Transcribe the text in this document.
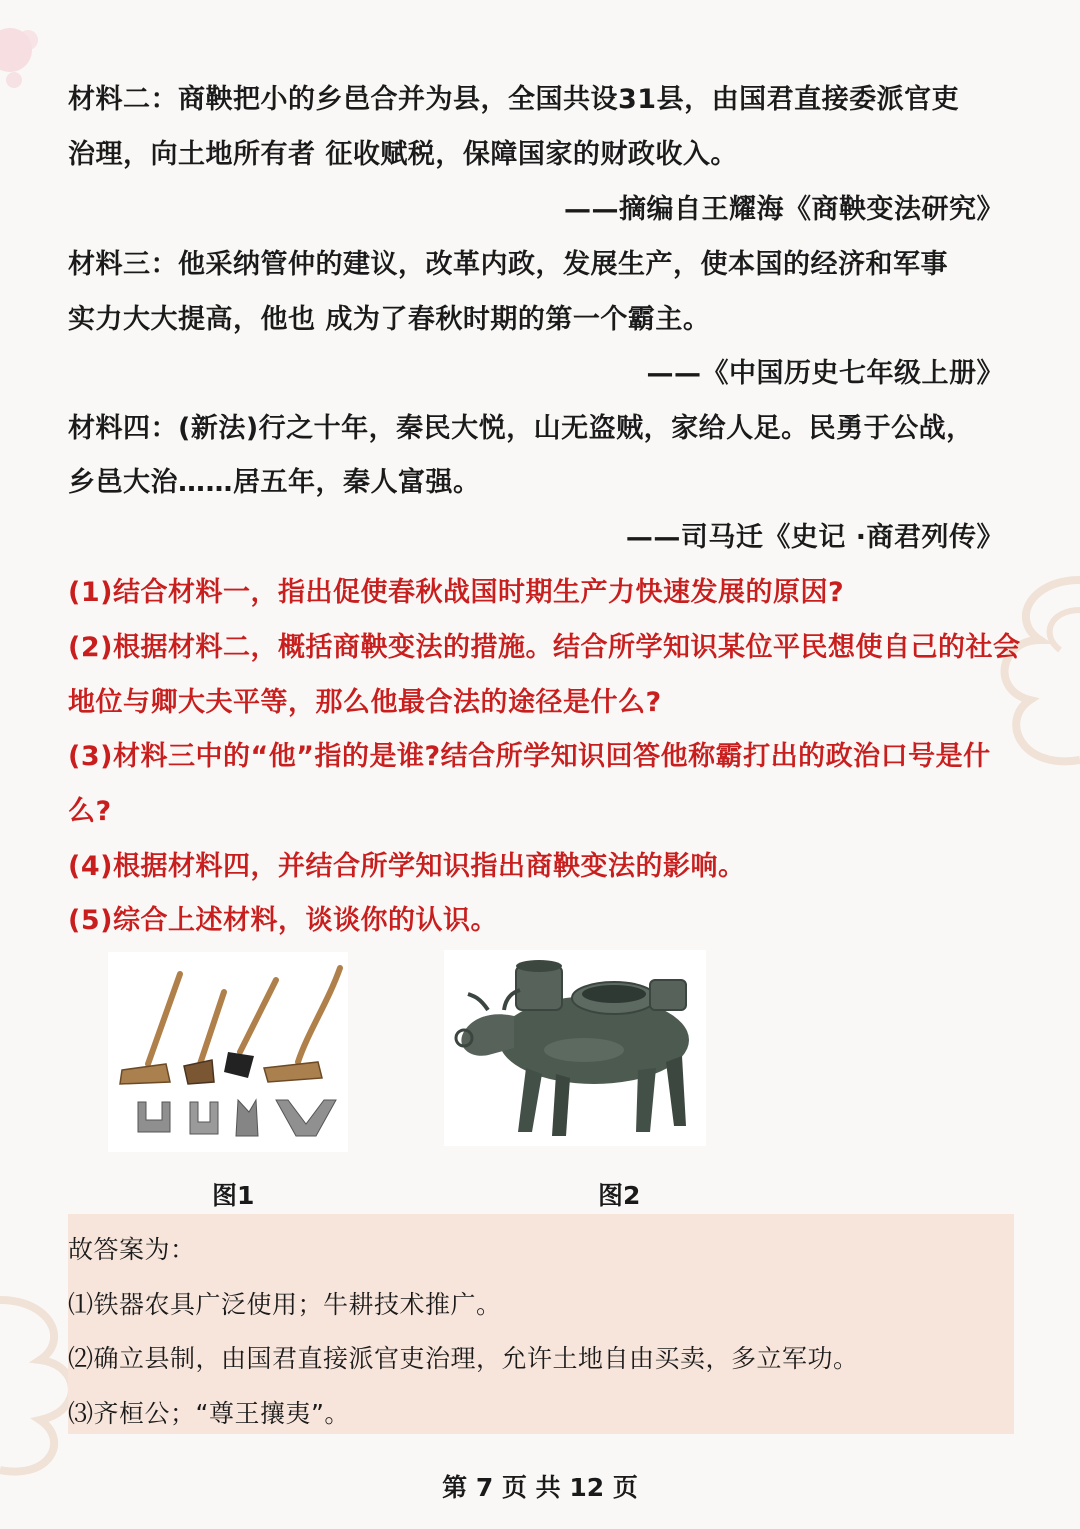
材料二：商鞅把小的乡邑合并为县，全国共设31县，由国君直接委派官吏
治理，向土地所有者 征收赋税，保障国家的财政收入。
——摘编自王耀海《商鞅变法研究》
材料三：他采纳管仲的建议，改革内政，发展生产，使本国的经济和军事
实力大大提高，他也 成为了春秋时期的第一个霸主。
——《中国历史七年级上册》
材料四：(新法)行之十年，秦民大悦，山无盗贼，家给人足。民勇于公战，
乡邑大治……居五年，秦人富强。
——司马迁《史记 ·商君列传》
(1)结合材料一，指出促使春秋战国时期生产力快速发展的原因?
(2)根据材料二，概括商鞅变法的措施。结合所学知识某位平民想使自己的社会
地位与卿大夫平等，那么他最合法的途径是什么?
(3)材料三中的“他”指的是谁?结合所学知识回答他称霸打出的政治口号是什
么?
(4)根据材料四，并结合所学知识指出商鞅变法的影响。
(5)综合上述材料，谈谈你的认识。
图1	图2
故答案为：
⑴铁器农具广泛使用；牛耕技术推广。
⑵确立县制，由国君直接派官吏治理，允许土地自由买卖，多立军功。
⑶齐桓公；“尊王攘夷”。
第 7 页 共 12 页
